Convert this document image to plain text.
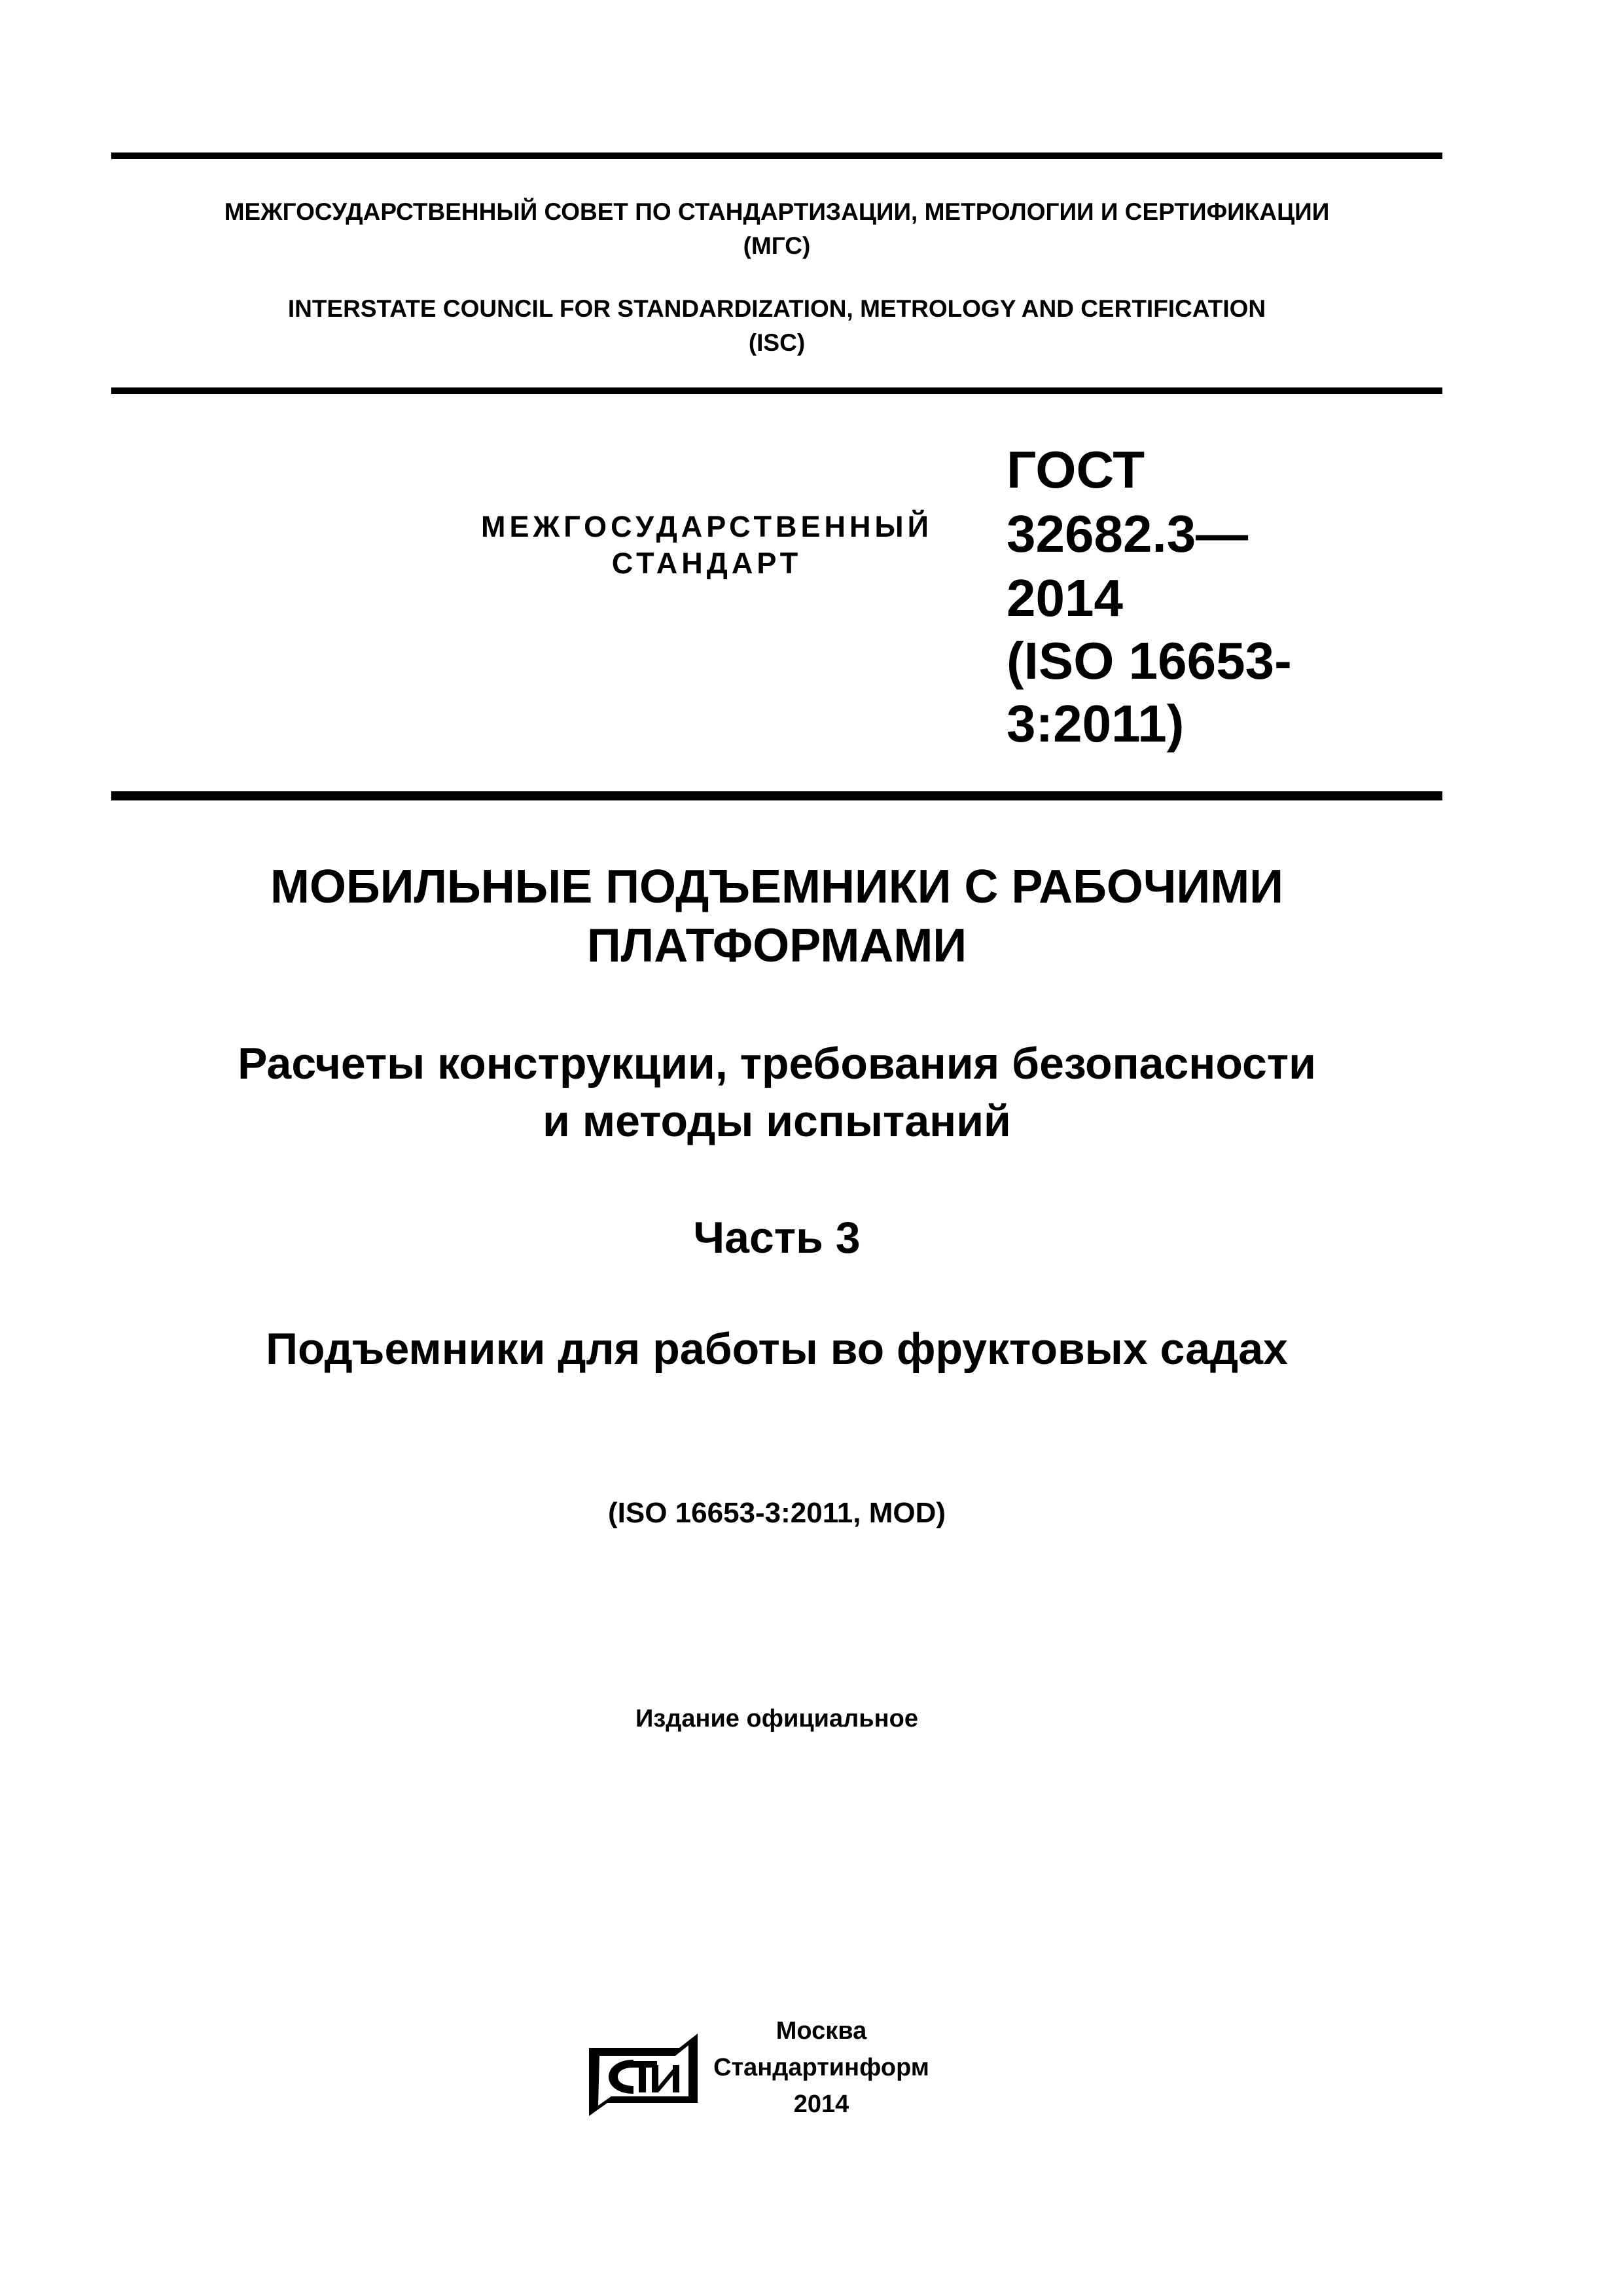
МЕЖГОСУДАРСТВЕННЫЙ СОВЕТ ПО СТАНДАРТИЗАЦИИ, МЕТРОЛОГИИ И СЕРТИФИКАЦИИ
(МГС)
INTERSTATE COUNCIL FOR STANDARDIZATION, METROLOGY AND CERTIFICATION
(ISC)
МЕЖГОСУДАРСТВЕННЫЙ
СТАНДАРТ
ГОСТ
32682.3—
2014
(ISO 16653-
3:2011)
МОБИЛЬНЫЕ ПОДЪЕМНИКИ С РАБОЧИМИ
ПЛАТФОРМАМИ
Расчеты конструкции, требования безопасности
и методы испытаний
Часть 3
Подъемники для работы во фруктовых садах
(ISO 16653-3:2011, MOD)
Издание официальное
Москва
Стандартинформ
2014
